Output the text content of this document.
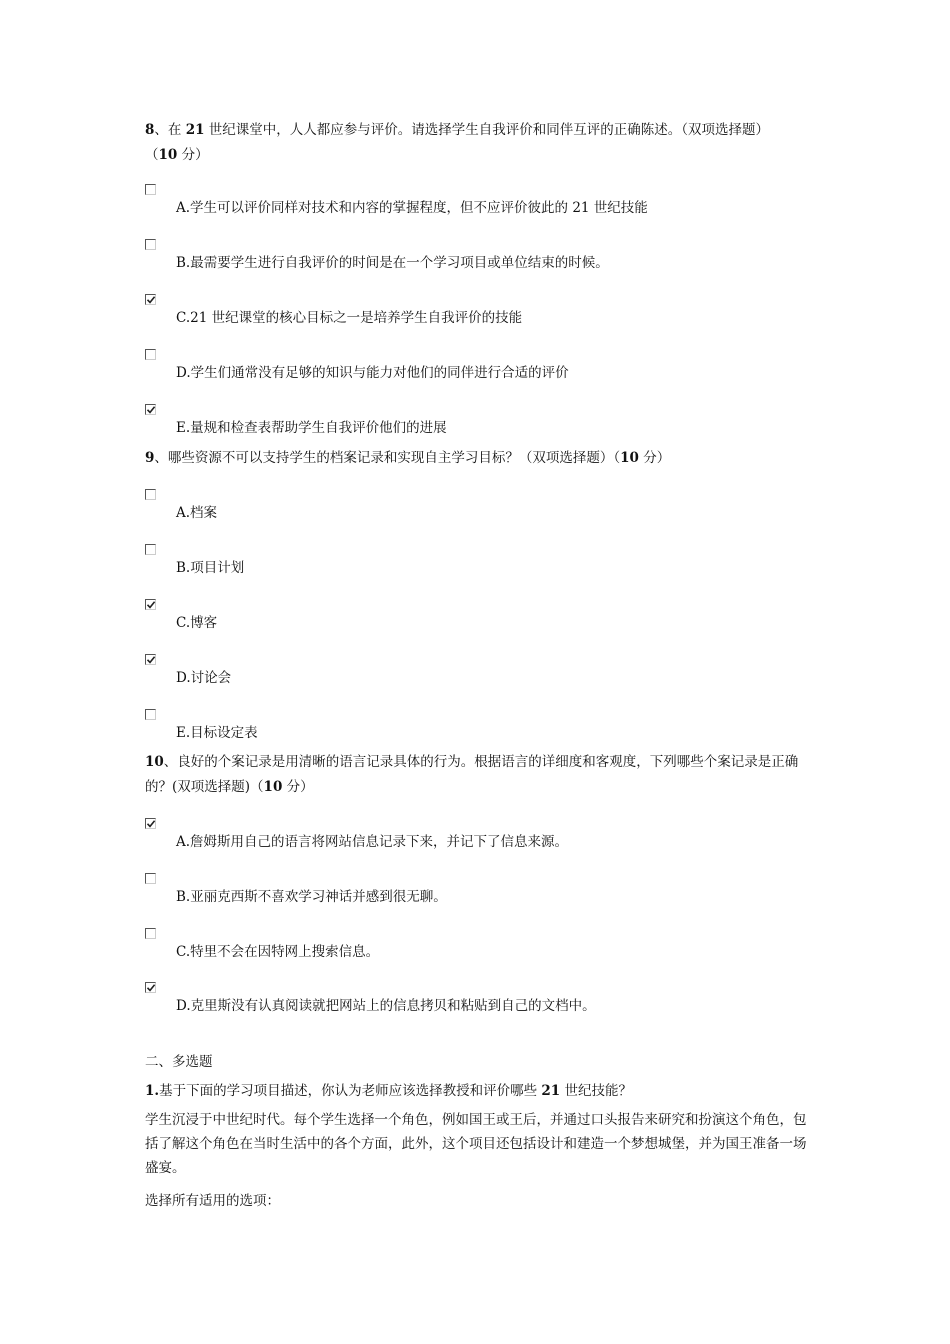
8、在 21 世纪课堂中，人人都应参与评价。请选择学生自我评价和同伴互评的正确陈述。（双项选择题）
（10 分）

A.学生可以评价同样对技术和内容的掌握程度，但不应评价彼此的 21 世纪技能
B.最需要学生进行自我评价的时间是在一个学习项目或单位结束的时候。
C.21 世纪课堂的核心目标之一是培养学生自我评价的技能
D.学生们通常没有足够的知识与能力对他们的同伴进行合适的评价
E.量规和检查表帮助学生自我评价他们的进展

9、哪些资源不可以支持学生的档案记录和实现自主学习目标？（双项选择题）（10 分）

A.档案
B.项目计划
C.博客
D.讨论会
E.目标设定表

10、良好的个案记录是用清晰的语言记录具体的行为。根据语言的详细度和客观度，下列哪些个案记录是正确的？(双项选择题)（10 分）

A.詹姆斯用自己的语言将网站信息记录下来，并记下了信息来源。
B.亚丽克西斯不喜欢学习神话并感到很无聊。
C.特里不会在因特网上搜索信息。
D.克里斯没有认真阅读就把网站上的信息拷贝和粘贴到自己的文档中。

二、多选题

1.基于下面的学习项目描述，你认为老师应该选择教授和评价哪些 21 世纪技能？

学生沉浸于中世纪时代。每个学生选择一个角色，例如国王或王后，并通过口头报告来研究和扮演这个角色，包括了解这个角色在当时生活中的各个方面，此外，这个项目还包括设计和建造一个梦想城堡，并为国王准备一场盛宴。

选择所有适用的选项：
